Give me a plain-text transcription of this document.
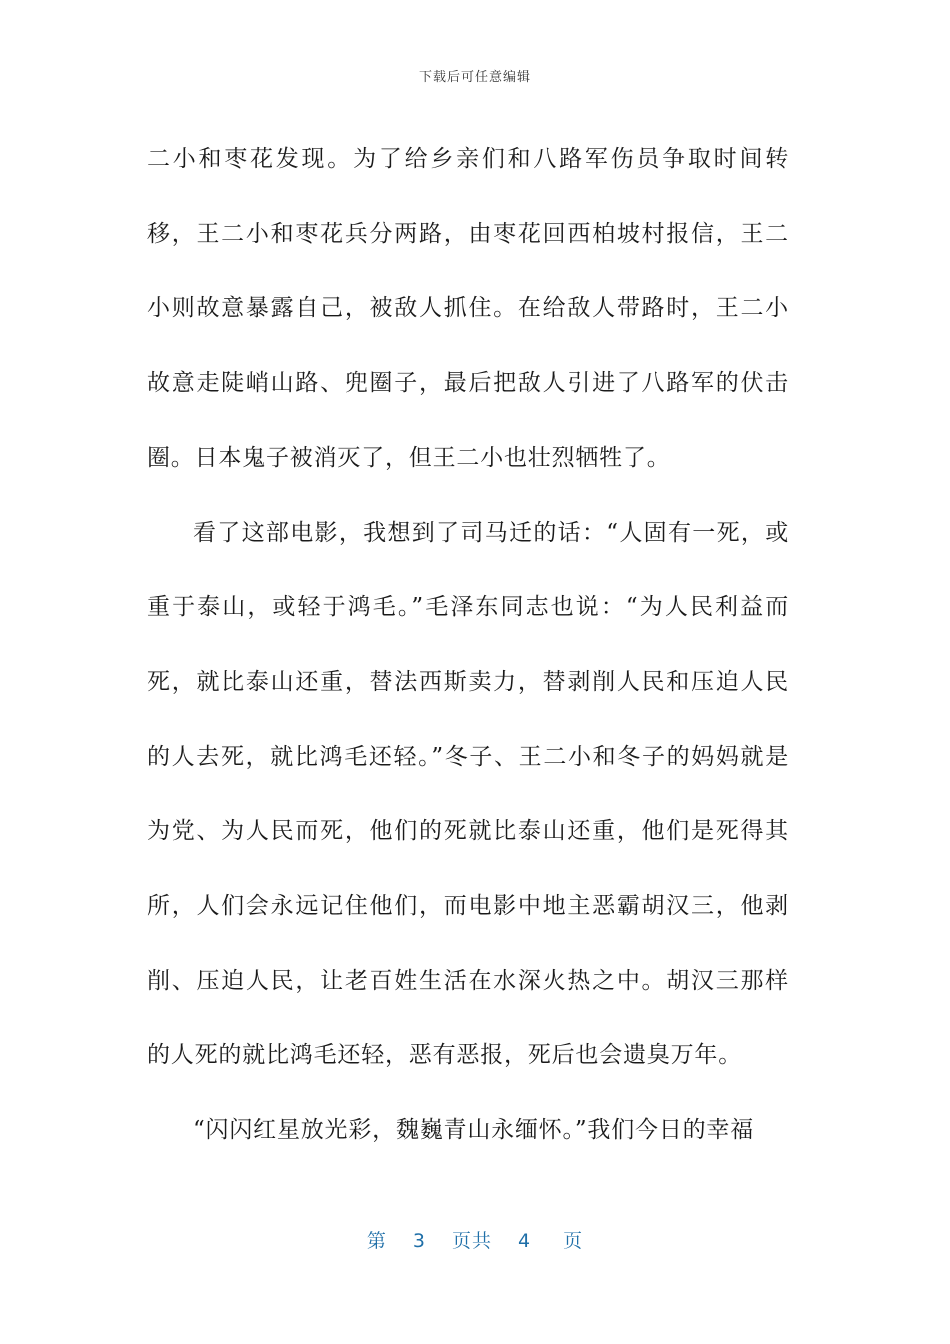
下载后可任意编辑

二小和枣花发现。为了给乡亲们和八路军伤员争取时间转移，王二小和枣花兵分两路，由枣花回西柏坡村报信，王二小则故意暴露自己，被敌人抓住。在给敌人带路时，王二小故意走陡峭山路、兜圈子，最后把敌人引进了八路军的伏击圈。日本鬼子被消灭了，但王二小也壮烈牺牲了。

看了这部电影，我想到了司马迁的话：“人固有一死，或重于泰山，或轻于鸿毛。”毛泽东同志也说：“为人民利益而死，就比泰山还重，替法西斯卖力，替剥削人民和压迫人民的人去死，就比鸿毛还轻。”冬子、王二小和冬子的妈妈就是为党、为人民而死，他们的死就比泰山还重，他们是死得其所，人们会永远记住他们，而电影中地主恶霸胡汉三，他剥削、压迫人民，让老百姓生活在水深火热之中。胡汉三那样的人死的就比鸿毛还轻，恶有恶报，死后也会遗臭万年。

“闪闪红星放光彩，魏巍青山永缅怀。”我们今日的幸福

第 3 页共 4 页
